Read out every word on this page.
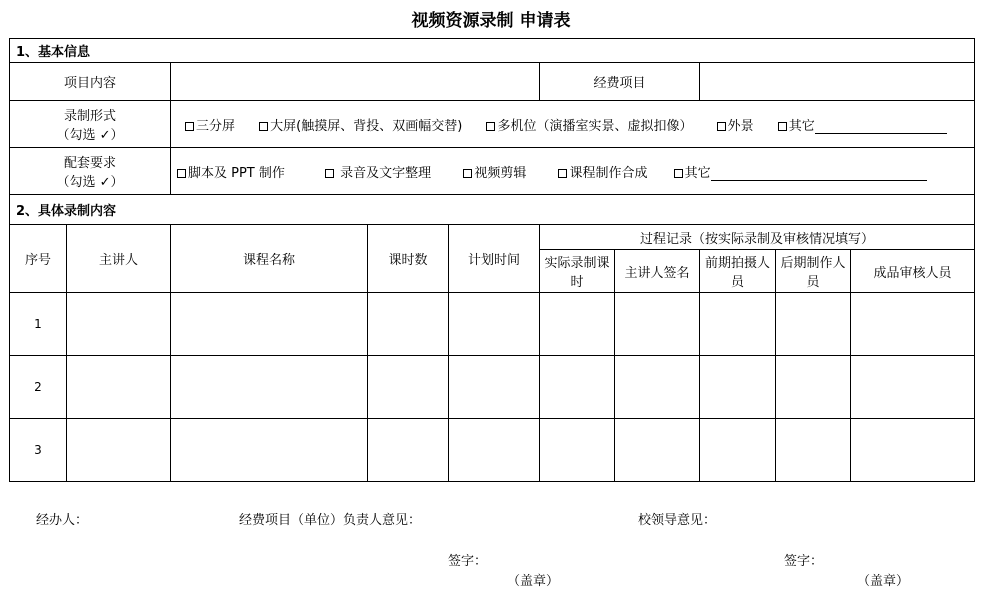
视频资源录制 申请表
1、基本信息									
项目内容					经费项目				

录制形式
（勾选 ✓）		三分屏 大屏(触摸屏、背投、双画幅交替) 多机位（演播室实景、虚拟扣像） 外景 其它							

配套要求
（勾选 ✓）		脚本及 PPT 制作 录音及文字整理 视频剪辑 课程制作合成 其它							
2、具体录制内容									
序号	主讲人	课程名称	课时数	计划时间	过程记录（按实际录制及审核情况填写）				
					实际录制课时	主讲人签名	前期拍摄人员	后期制作人员	成品审核人员
1									
2									
3									
经办人：	经费项目（单位）负责人意见：	校领导意见：
签字：
（盖章）
签字：
（盖章）
